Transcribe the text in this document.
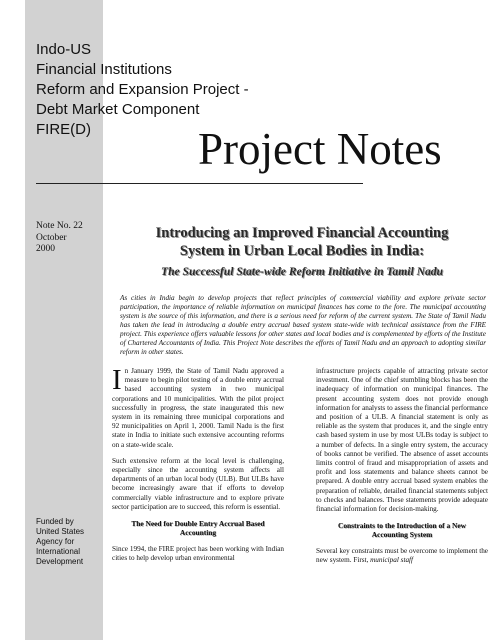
Indo-US
Financial Institutions
Reform and Expansion Project -
Debt Market Component
FIRE(D)	Project Notes
Note No. 22
October
2000
Funded by
United States
Agency for
International
Development
Introducing an Improved Financial Accounting
System in Urban Local Bodies in India:
The Successful State-wide Reform Initiative in Tamil Nadu
As cities in India begin to develop projects that reflect principles of commercial viability and explore private sector participation, the importance of reliable information on municipal finances has come to the fore. The municipal accounting system is the source of this information, and there is a serious need for reform of the current system. The State of Tamil Nadu has taken the lead in introducing a double entry accrual based system state-wide with technical assistance from the FIRE project. This experience offers valuable lessons for other states and local bodies and is complemented by efforts of the Institute of Chartered Accountants of India. This Project Note describes the efforts of Tamil Nadu and an approach to adopting similar reform in other states.

In January 1999, the State of Tamil Nadu approved a measure to begin pilot testing of a double entry accrual based accounting system in two municipal corporations and 10 municipalities. With the pilot project successfully in progress, the state inaugurated this new system in its remaining three municipal corporations and 92 municipalities on April 1, 2000. Tamil Nadu is the first state in India to initiate such extensive accounting reforms on a state-wide scale.

Such extensive reform at the local level is challenging, especially since the accounting system affects all departments of an urban local body (ULB). But ULBs have become increasingly aware that if efforts to develop commercially viable infrastructure and to explore private sector participation are to succeed, this reform is essential.

The Need for Double Entry Accrual Based
Accounting

Since 1994, the FIRE project has been working with Indian cities to help develop urban environmental

infrastructure projects capable of attracting private sector investment. One of the chief stumbling blocks has been the inadequacy of information on municipal finances. The present accounting system does not provide enough information for analysts to assess the financial performance and position of a ULB. A financial statement is only as reliable as the system that produces it, and the single entry cash based system in use by most ULBs today is subject to a number of defects. In a single entry system, the accuracy of books cannot be verified. The absence of asset accounts limits control of fraud and misappropriation of assets and profit and loss statements and balance sheets cannot be prepared. A double entry accrual based system enables the preparation of reliable, detailed financial statements subject to checks and balances. These statements provide adequate financial information for decision-making.

Constraints to the Introduction of a New
Accounting System

Several key constraints must be overcome to implement the new system. First, municipal staff
